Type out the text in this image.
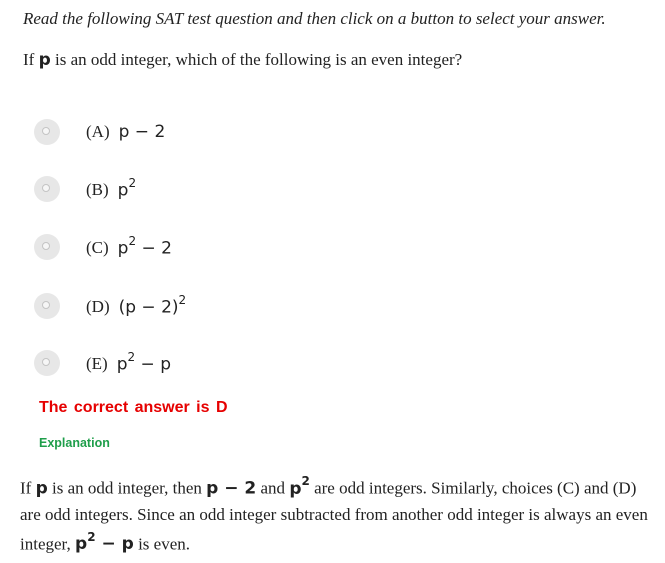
Read the following SAT test question and then click on a button to select your answer.
If p is an odd integer, which of the following is an even integer?
(A) p − 2
(B) $p^2$
(C) $p^2 - 2$
(D) $(p - 2)^2$
(E) $p^2 - p$
The correct answer is D
Explanation
If p is an odd integer, then p − 2 and $p^2$ are odd integers. Similarly, choices (C) and (D) are odd integers. Since an odd integer subtracted from another odd integer is always an even integer, $p^2 - p$ is even.
